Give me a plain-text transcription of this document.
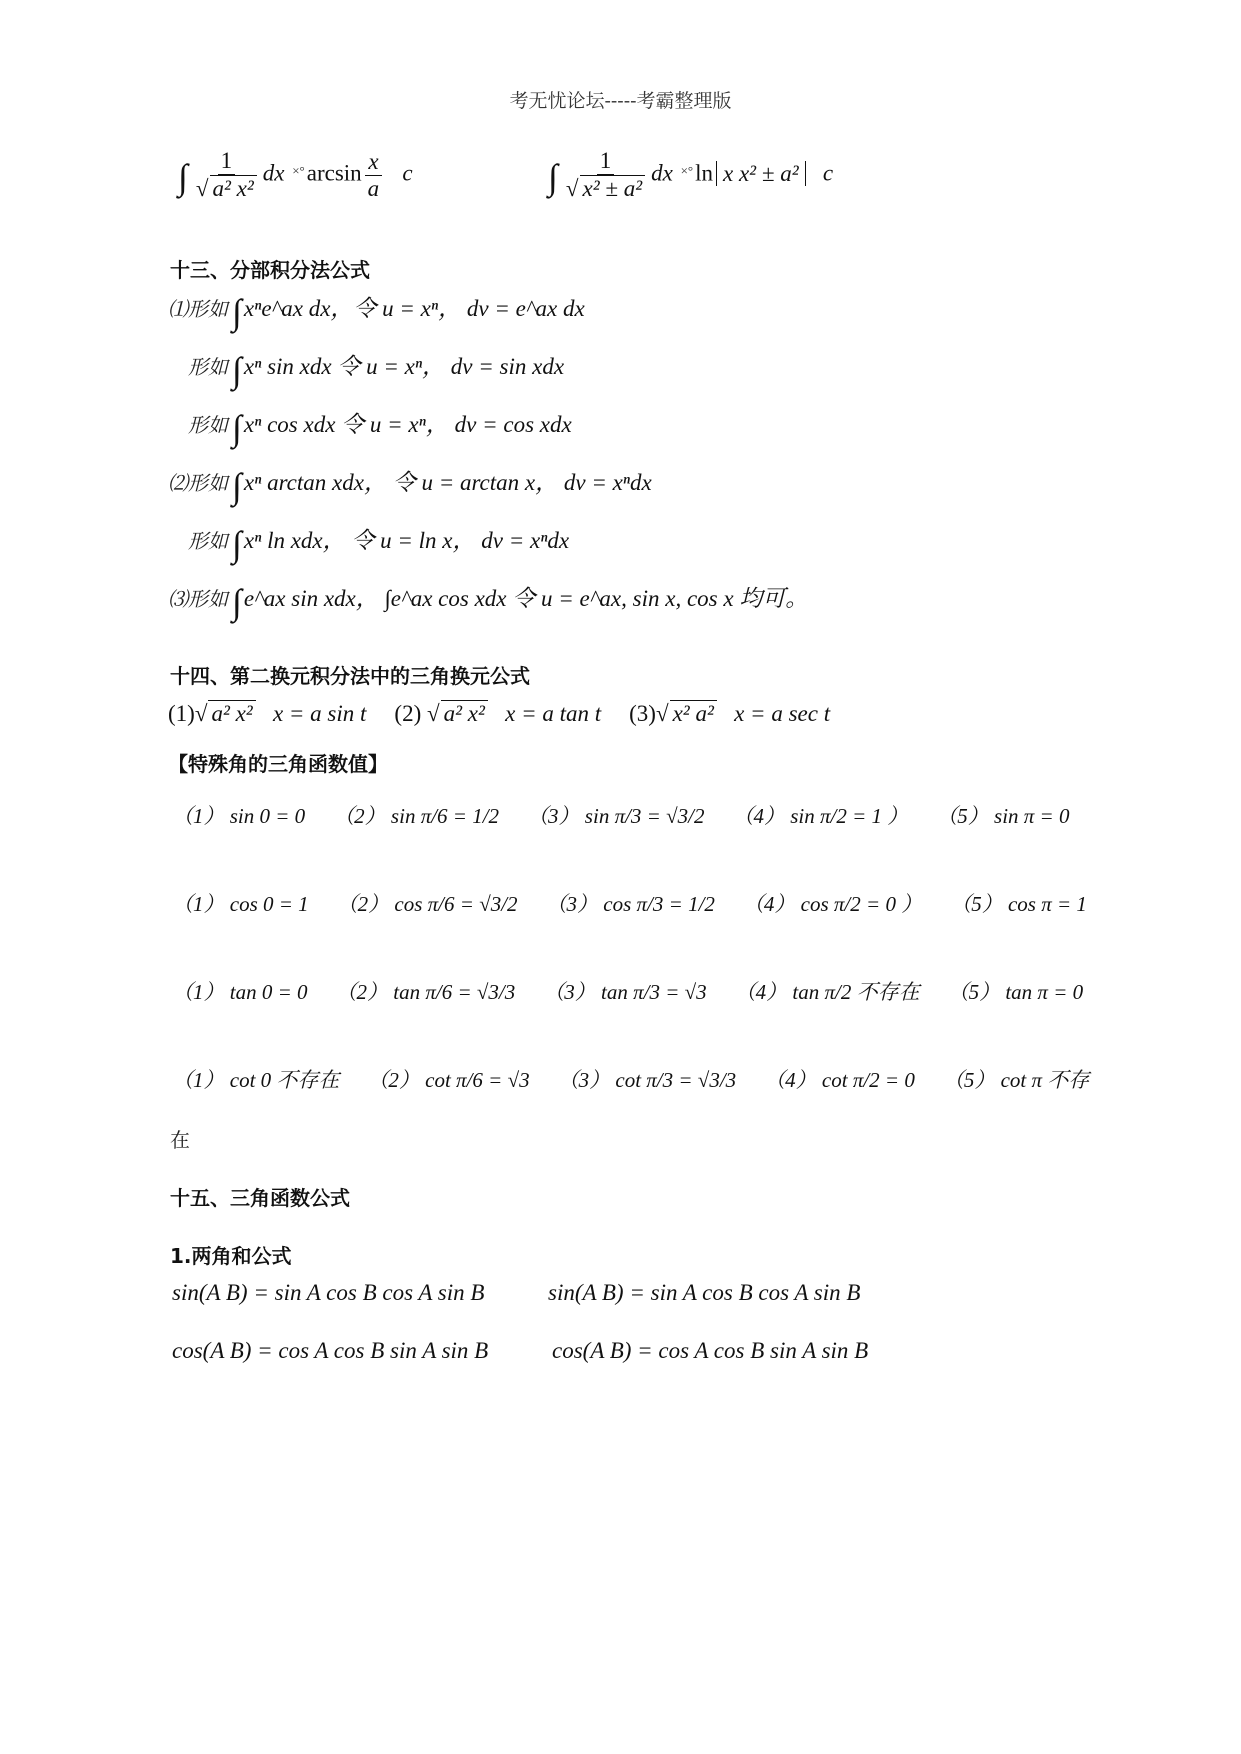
考无忧论坛-----考霸整理版
∫ 1
√ a² x² dx $^{\times^\circ}\arcsin \frac{x}{a}$ c	∫ 1
√ x² ± a² dx ×°ln x x² ± a² c
十三、分部积分法公式
⑴形如 ∫xⁿe^ax dx，令 u = xⁿ， dv = e^ax dx
形如 ∫xⁿ sin xdx 令 u = xⁿ， dv = sin xdx
形如 ∫xⁿ cos xdx 令 u = xⁿ， dv = cos xdx
⑵形如 ∫xⁿ arctan xdx， 令 u = arctan x， dv = xⁿdx
形如 ∫xⁿ ln xdx， 令 u = ln x， dv = xⁿdx
⑶形如 ∫e^ax sin xdx， ∫e^ax cos xdx 令 u = e^ax, sin x, cos x 均可。
十四、第二换元积分法中的三角换元公式
(1) √ a² x² x = a sin t (2) √ a² x² x = a tan t (3) √ x² a² x = a sec t
【特殊角的三角函数值】
（1） sin 0 = 0 （2） sin π/6 = 1/2 （3） sin π/3 = √3/2 （4） sin π/2 = 1 ） （5） sin π = 0
（1） cos 0 = 1 （2） cos π/6 = √3/2 （3） cos π/3 = 1/2 （4） cos π/2 = 0 ） （5） cos π = 1
（1） tan 0 = 0 （2） tan π/6 = √3/3 （3） tan π/3 = √3 （4） tan π/2 不存在 （5） tan π = 0
（1） cot 0 不存在 （2） cot π/6 = √3 （3） cot π/3 = √3/3 （4） cot π/2 = 0 （5） cot π 不存
在
十五、三角函数公式
1.两角和公式
sin(A B) = sin A cos B cos A sin B	sin(A B) = sin A cos B cos A sin B
cos(A B) = cos A cos B sin A sin B	cos(A B) = cos A cos B sin A sin B
